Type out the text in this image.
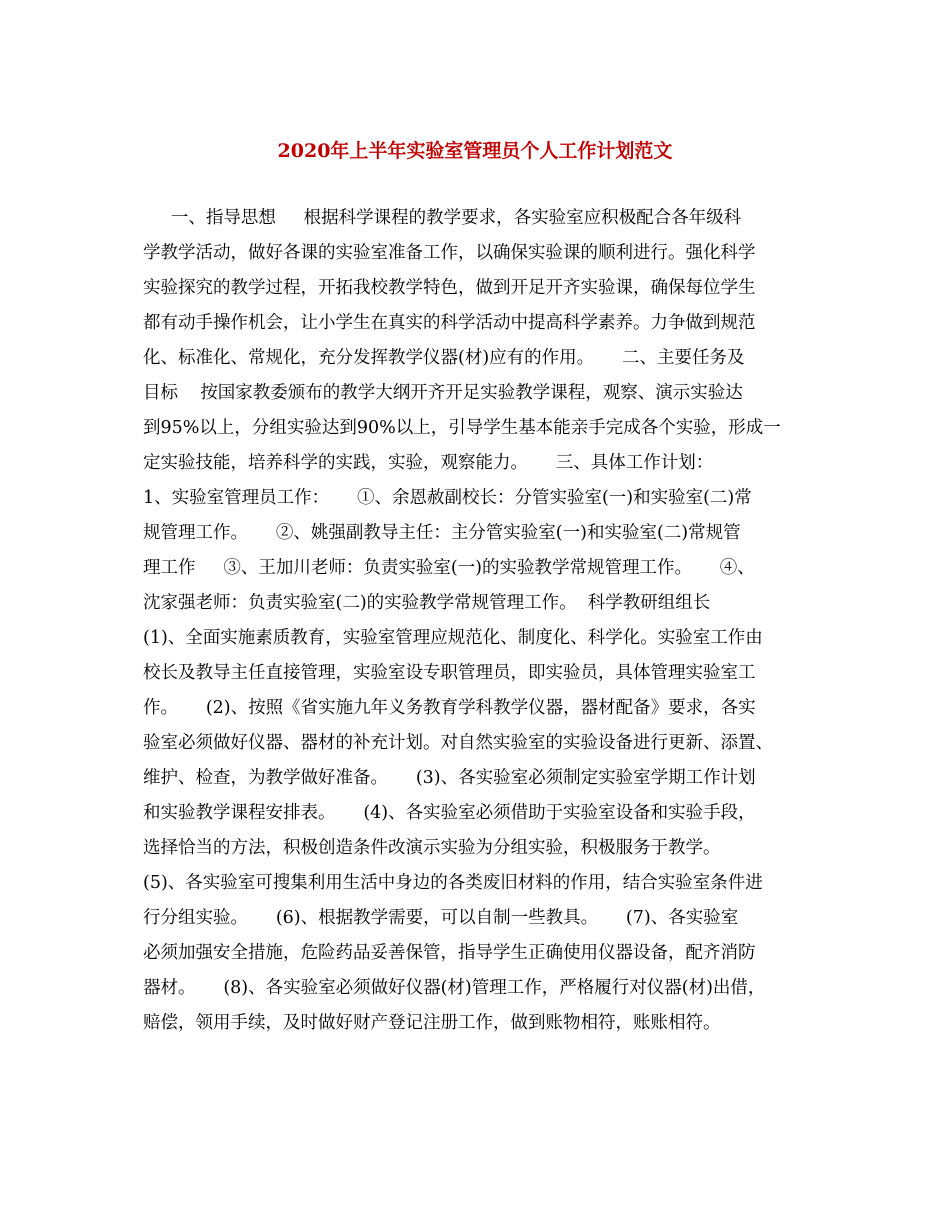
2020年上半年实验室管理员个人工作计划范文
一、指导思想     根据科学课程的教学要求，各实验室应积极配合各年级科
学教学活动，做好各课的实验室准备工作，以确保实验课的顺利进行。强化科学
实验探究的教学过程，开拓我校教学特色，做到开足开齐实验课，确保每位学生
都有动手操作机会，让小学生在真实的科学活动中提高科学素养。力争做到规范
化、标准化、常规化，充分发挥教学仪器(材)应有的作用。     二、主要任务及
目标    按国家教委颁布的教学大纲开齐开足实验教学课程，观察、演示实验达
到95%以上，分组实验达到90%以上，引导学生基本能亲手完成各个实验，形成一
定实验技能，培养科学的实践，实验，观察能力。     三、具体工作计划：
1、实验室管理员工作：     ①、余恩赦副校长：分管实验室(一)和实验室(二)常
规管理工作。     ②、姚强副教导主任：主分管实验室(一)和实验室(二)常规管
理工作     ③、王加川老师：负责实验室(一)的实验教学常规管理工作。     ④、
沈家强老师：负责实验室(二)的实验教学常规管理工作。  科学教研组组长
(1)、全面实施素质教育，实验室管理应规范化、制度化、科学化。实验室工作由
校长及教导主任直接管理，实验室设专职管理员，即实验员，具体管理实验室工
作。     (2)、按照《省实施九年义务教育学科教学仪器，器材配备》要求，各实
验室必须做好仪器、器材的补充计划。对自然实验室的实验设备进行更新、添置、
维护、检查，为教学做好准备。     (3)、各实验室必须制定实验室学期工作计划
和实验教学课程安排表。     (4)、各实验室必须借助于实验室设备和实验手段，
选择恰当的方法，积极创造条件改演示实验为分组实验，积极服务于教学。
(5)、各实验室可搜集利用生活中身边的各类废旧材料的作用，结合实验室条件进
行分组实验。     (6)、根据教学需要，可以自制一些教具。     (7)、各实验室
必须加强安全措施，危险药品妥善保管，指导学生正确使用仪器设备，配齐消防
器材。     (8)、各实验室必须做好仪器(材)管理工作，严格履行对仪器(材)出借，
赔偿，领用手续，及时做好财产登记注册工作，做到账物相符，账账相符。
